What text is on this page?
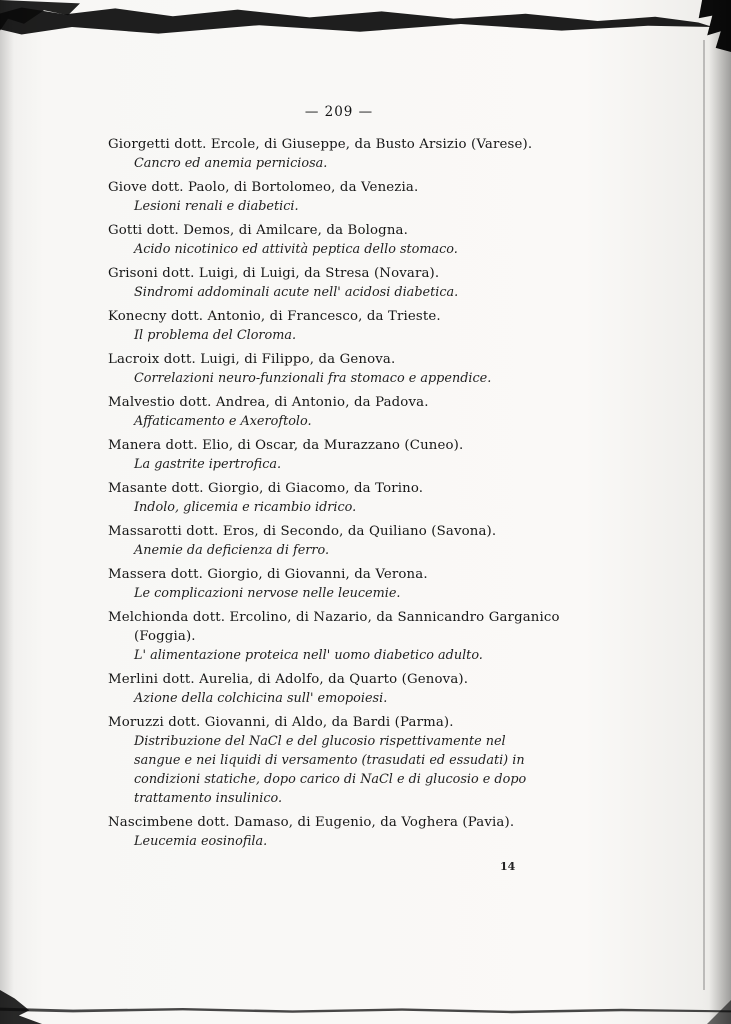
— 209 —
Giorgetti dott. Ercole, di Giuseppe, da Busto Arsizio (Varese).
Cancro ed anemia perniciosa.
Giove dott. Paolo, di Bortolomeo, da Venezia.
Lesioni renali e diabetici.
Gotti dott. Demos, di Amilcare, da Bologna.
Acido nicotinico ed attività peptica dello stomaco.
Grisoni dott. Luigi, di Luigi, da Stresa (Novara).
Sindromi addominali acute nell' acidosi diabetica.
Konecny dott. Antonio, di Francesco, da Trieste.
Il problema del Cloroma.
Lacroix dott. Luigi, di Filippo, da Genova.
Correlazioni neuro-funzionali fra stomaco e appendice.
Malvestio dott. Andrea, di Antonio, da Padova.
Affaticamento e Axeroftolo.
Manera dott. Elio, di Oscar, da Murazzano (Cuneo).
La gastrite ipertrofica.
Masante dott. Giorgio, di Giacomo, da Torino.
Indolo, glicemia e ricambio idrico.
Massarotti dott. Eros, di Secondo, da Quiliano (Savona).
Anemie da deficienza di ferro.
Massera dott. Giorgio, di Giovanni, da Verona.
Le complicazioni nervose nelle leucemie.
Melchionda dott. Ercolino, di Nazario, da Sannicandro Garganico (Foggia).
L' alimentazione proteica nell' uomo diabetico adulto.
Merlini dott. Aurelia, di Adolfo, da Quarto (Genova).
Azione della colchicina sull' emopoiesi.
Moruzzi dott. Giovanni, di Aldo, da Bardi (Parma).
Distribuzione del NaCl e del glucosio rispettivamente nel sangue e nei liquidi di versamento (trasudati ed essudati) in condizioni statiche, dopo carico di NaCl e di glucosio e dopo trattamento insulinico.
Nascimbene dott. Damaso, di Eugenio, da Voghera (Pavia).
Leucemia eosinofila.
14
